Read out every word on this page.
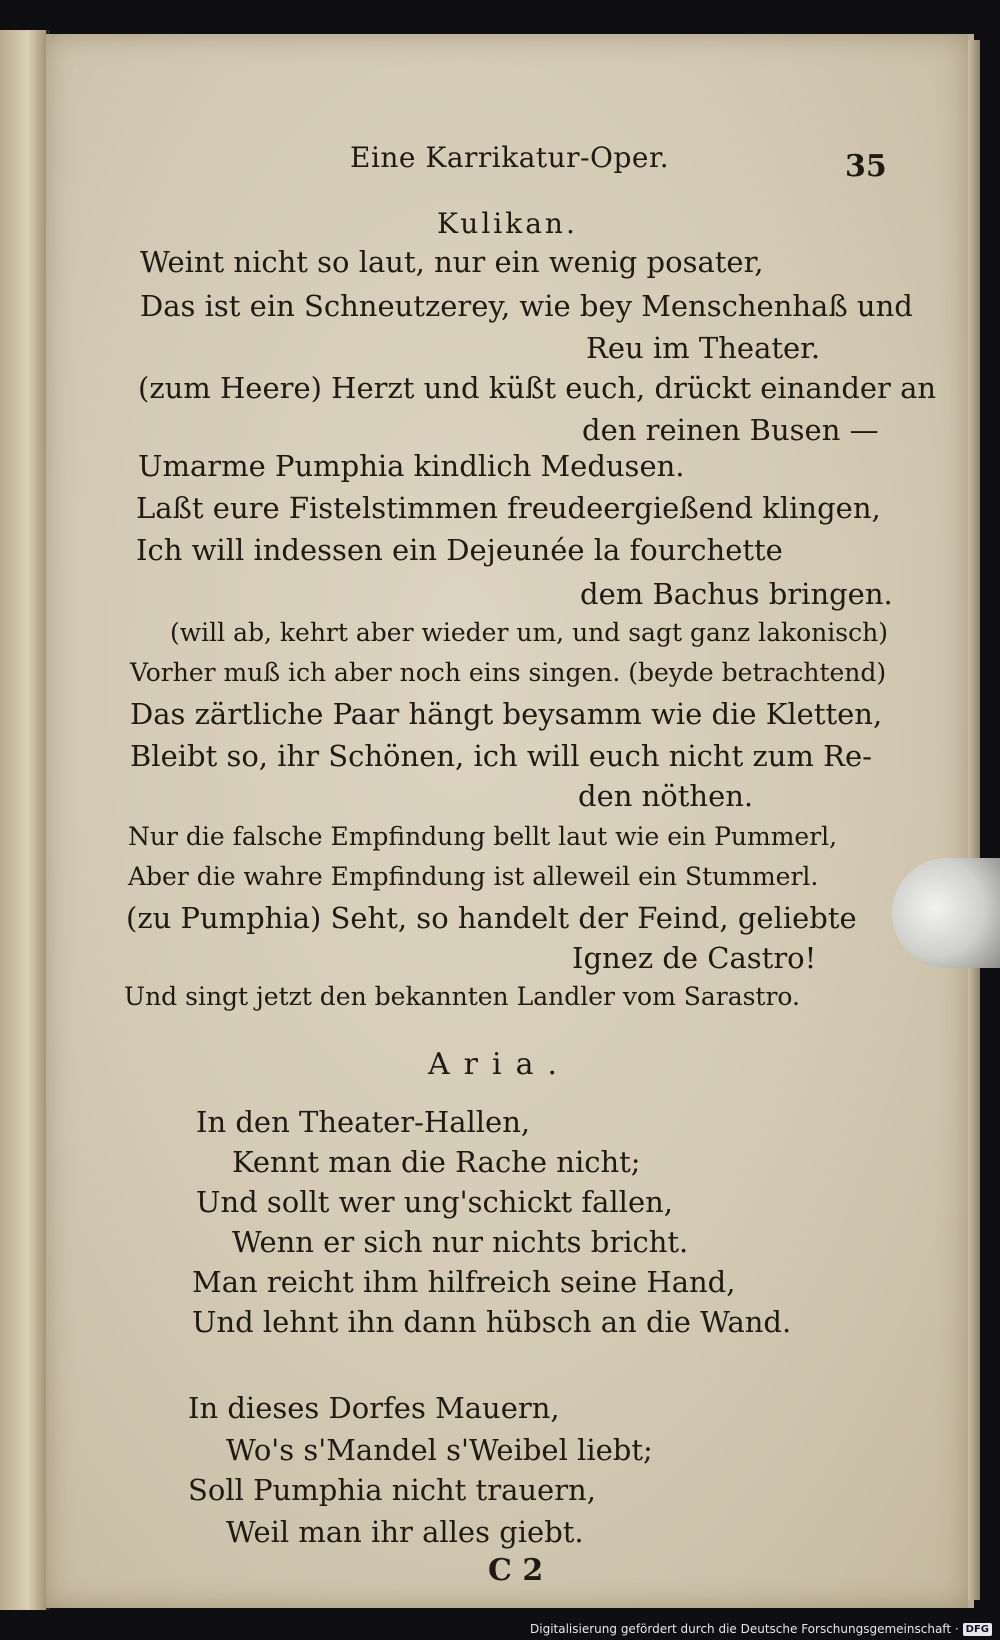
Eine Karrikatur-Oper.	35
Kulikan.
Weint nicht so laut, nur ein wenig posater,
Das ist ein Schneutzerey, wie bey Menschenhaß und
Reu im Theater.
(zum Heere) Herzt und küßt euch, drückt einander an
den reinen Busen —
Umarme Pumphia kindlich Medusen.
Laßt eure Fistelstimmen freudeergießend klingen,
Ich will indessen ein Dejeunée la fourchette
dem Bachus bringen.
(will ab, kehrt aber wieder um, und sagt ganz lakonisch)
Vorher muß ich aber noch eins singen. (beyde betrachtend)
Das zärtliche Paar hängt beysamm wie die Kletten,
Bleibt so, ihr Schönen, ich will euch nicht zum Re-
den nöthen.
Nur die falsche Empfindung bellt laut wie ein Pummerl,
Aber die wahre Empfindung ist alleweil ein Stummerl.
(zu Pumphia) Seht, so handelt der Feind, geliebte
Ignez de Castro!
Und singt jetzt den bekannten Landler vom Sarastro.
Aria.
In den Theater-Hallen,
Kennt man die Rache nicht;
Und sollt wer ung'schickt fallen,
Wenn er sich nur nichts bricht.
Man reicht ihm hilfreich seine Hand,
Und lehnt ihn dann hübsch an die Wand.
In dieses Dorfes Mauern,
Wo's s'Mandel s'Weibel liebt;
Soll Pumphia nicht trauern,
Weil man ihr alles giebt.
C 2
Digitalisierung gefördert durch die Deutsche Forschungsgemeinschaft · DFG
